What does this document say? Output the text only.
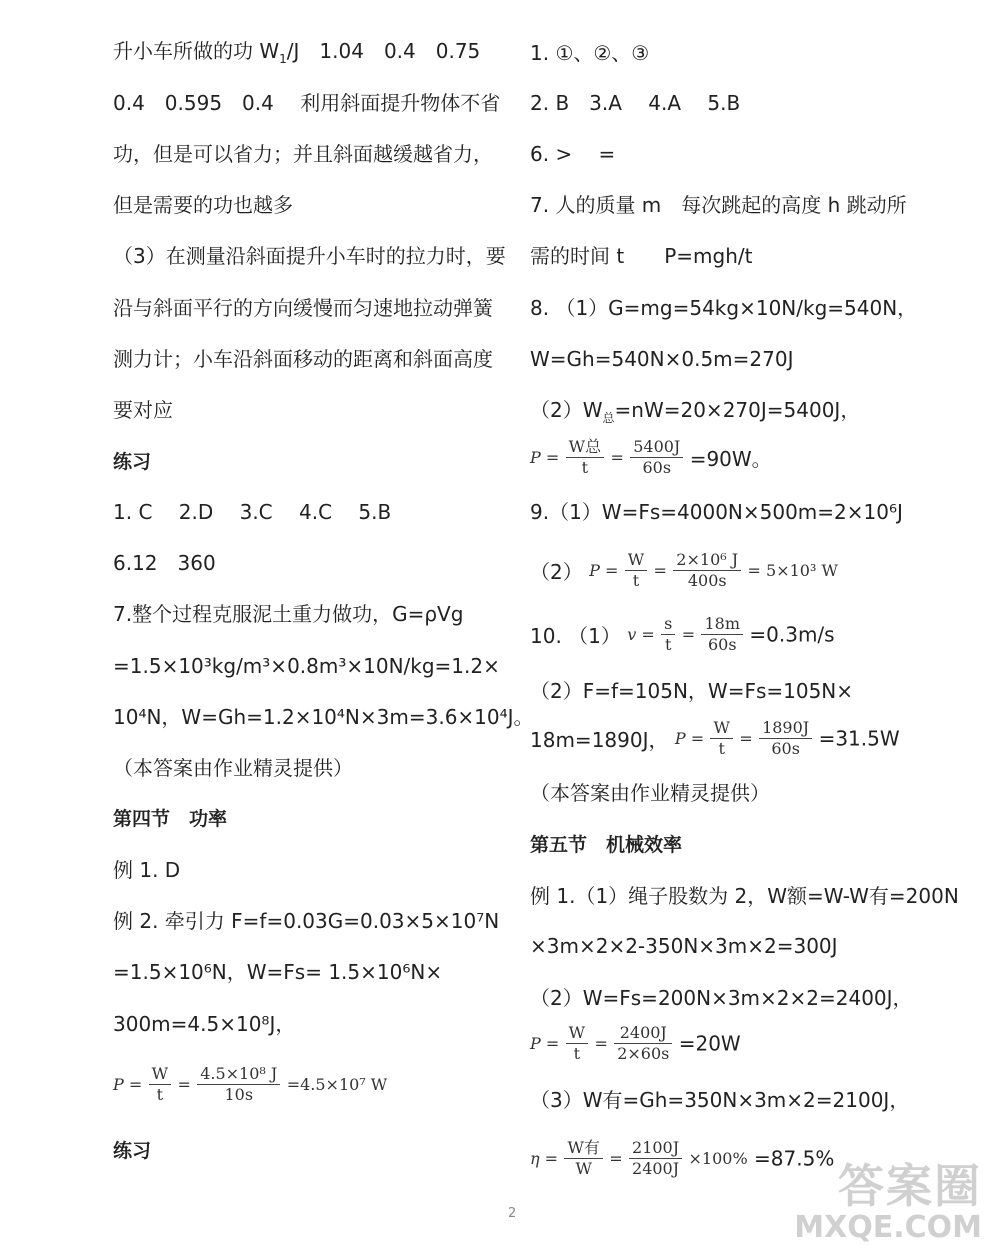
升小车所做的功 $W_1/J$　1.04　0.4　0.75
0.4　0.595　0.4　 利用斜面提升物体不省
功，但是可以省力；并且斜面越缓越省力，
但是需要的功也越多
（3）在测量沿斜面提升小车时的拉力时，要
沿与斜面平行的方向缓慢而匀速地拉动弹簧
测力计；小车沿斜面移动的距离和斜面高度
要对应
练习
1. C　 2.D　 3.C　 4.C　 5.B
6.12　360
7.整个过程克服泥土重力做功，G=ρVg
=1.5×10³kg/m³×0.8m³×10N/kg=1.2×
10⁴N，W=Gh=1.2×10⁴N×3m=3.6×10⁴J。
（本答案由作业精灵提供）
第四节　功率
例 1. D
例 2. 牵引力 F=f=0.03G=0.03×5×10⁷N
=1.5×10⁶N，W=Fs= 1.5×10⁶N×
300m=4.5×10⁸J，
$P = \frac{W}{t} = \frac{\text{4.5×10⁸ J}}{10s} =4.5\times 10^7$ W
练习
1. ①、②、③
2. B　3.A　 4.A　 5.B
6. >　 =
7. 人的质量 m　每次跳起的高度 h 跳动所
需的时间 t　　P=mgh/t
8. （1）G=mg=54kg×10N/kg=540N，
W=Gh=540N×0.5m=270J
$(2)W_总=nW=20\times 270J=5400J$，
$P = \frac{\text{W总}}{t} = \frac{5400J}{60s} =90W$。
9.（1）W=Fs=4000N×500m=2×10⁶J
（2） $P = \frac{W}{t} = \frac{\text{2×10⁶ J}}{400s} = 5\times 10^3$ W
10. （1） $v = \frac{s}{t} = \frac{18m}{60s} =0.3m/s$
（2）F=f=105N，W=Fs=105N×
18m=1890J， $P = \frac{W}{t} = \frac{1890J}{60s} =31.5W$
（本答案由作业精灵提供）
第五节　机械效率
例 1.（1）绳子股数为 2，W额=W-W有=200N
×3m×2×2-350N×3m×2=300J
（2）W=Fs=200N×3m×2×2=2400J，
$P = \frac{W}{t} = \frac{2400J}{2\times 60s} =20W$
（3）W有=Gh=350N×3m×2=2100J，
$\eta = \frac{\text{W有}}{W} = \frac{2100J}{2400J} \times 100\% =87.5\%$
2
答案圈
MXQE.COM
